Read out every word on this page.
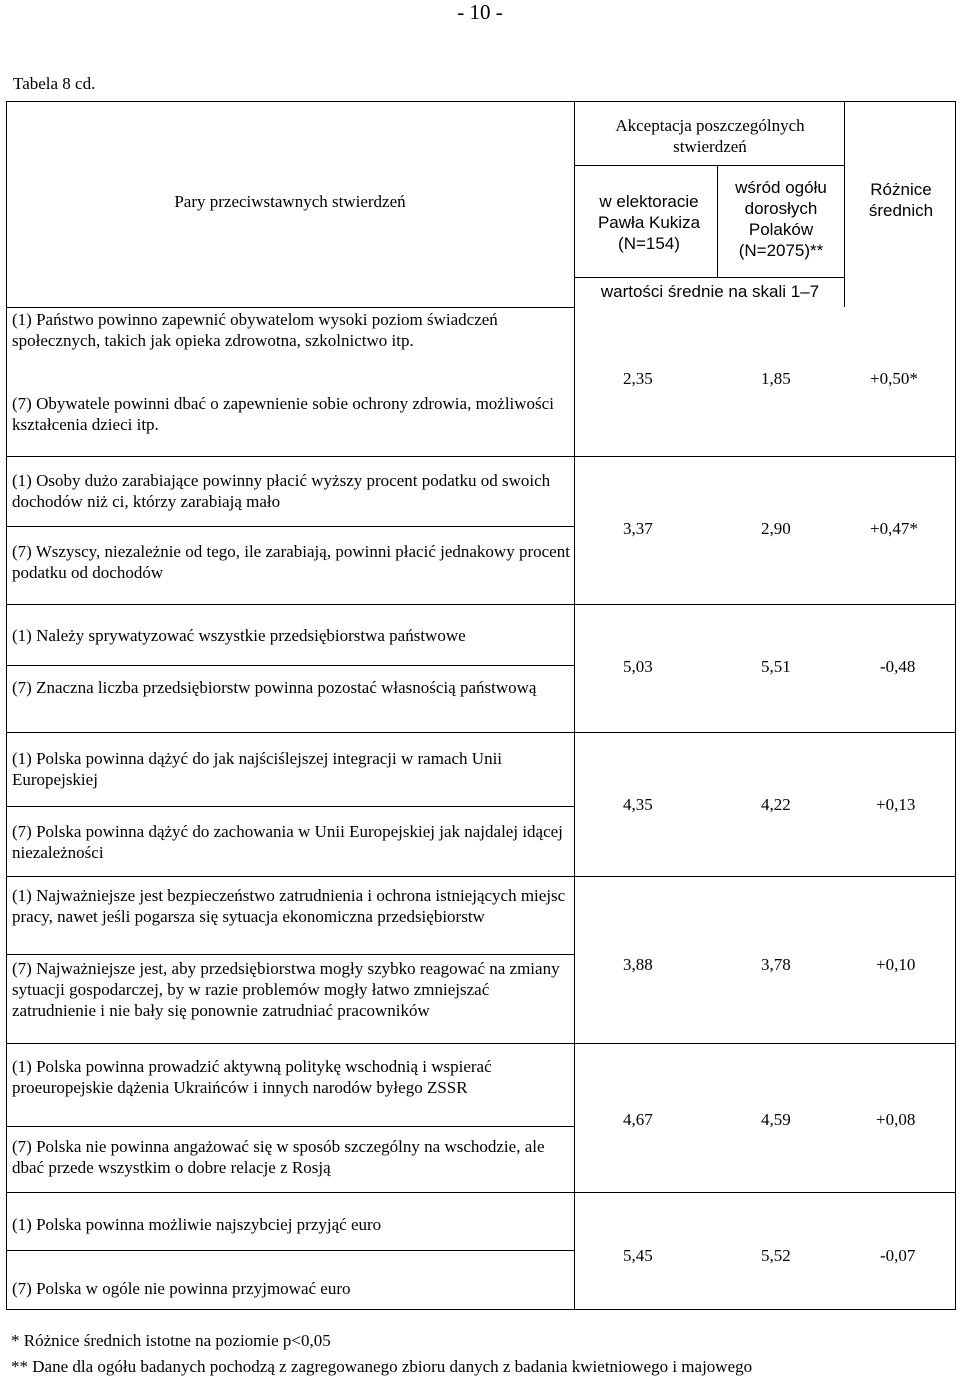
- 10 -
Tabela 8 cd.
Pary przeciwstawnych stwierdzeń
Akceptacja poszczególnych stwierdzeń
w elektoracie Pawła Kukiza (N=154)
wśród ogółu dorosłych Polaków (N=2075)**
wartości średnie na skali 1–7
Różnice średnich
(1) Państwo powinno zapewnić obywatelom wysoki poziom świadczeń społecznych, takich jak opieka zdrowotna, szkolnictwo itp.
(7) Obywatele powinni dbać o zapewnienie sobie ochrony zdrowia, możliwości kształcenia dzieci itp.
2,35	1,85	+0,50*
(1) Osoby dużo zarabiające powinny płacić wyższy procent podatku od swoich dochodów niż ci, którzy zarabiają mało
(7) Wszyscy, niezależnie od tego, ile zarabiają, powinni płacić jednakowy procent podatku od dochodów
3,37	2,90	+0,47*
(1) Należy sprywatyzować wszystkie przedsiębiorstwa państwowe
(7) Znaczna liczba przedsiębiorstw powinna pozostać własnością państwową
5,03	5,51	-0,48
(1) Polska powinna dążyć do jak najściślejszej integracji w ramach Unii Europejskiej
(7) Polska powinna dążyć do zachowania w Unii Europejskiej jak najdalej idącej niezależności
4,35	4,22	+0,13
(1) Najważniejsze jest bezpieczeństwo zatrudnienia i ochrona istniejących miejsc pracy, nawet jeśli pogarsza się sytuacja ekonomiczna przedsiębiorstw
(7) Najważniejsze jest, aby przedsiębiorstwa mogły szybko reagować na zmiany sytuacji gospodarczej, by w razie problemów mogły łatwo zmniejszać zatrudnienie i nie bały się ponownie zatrudniać pracowników
3,88	3,78	+0,10
(1) Polska powinna prowadzić aktywną politykę wschodnią i wspierać proeuropejskie dążenia Ukraińców i innych narodów byłego ZSSR
(7) Polska nie powinna angażować się w sposób szczególny na wschodzie, ale dbać przede wszystkim o dobre relacje z Rosją
4,67	4,59	+0,08
(1) Polska powinna możliwie najszybciej przyjąć euro
(7) Polska w ogóle nie powinna przyjmować euro
5,45	5,52	-0,07
* Różnice średnich istotne na poziomie p<0,05
** Dane dla ogółu badanych pochodzą z zagregowanego zbioru danych z badania kwietniowego i majowego
